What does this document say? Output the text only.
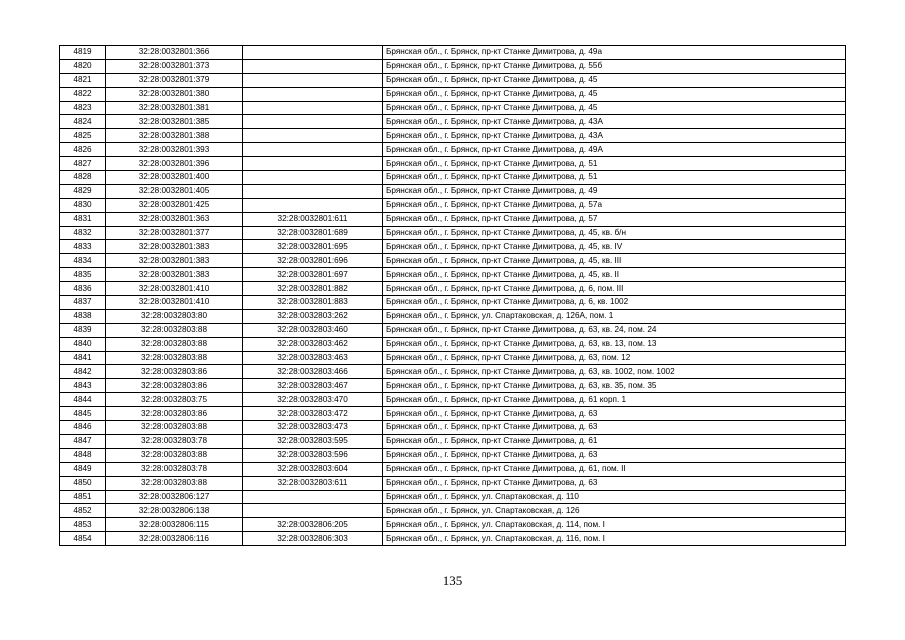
4819	32:28:0032801:366		Брянская обл., г. Брянск, пр-кт Станке Димитрова, д. 49а
4820	32:28:0032801:373		Брянская обл., г. Брянск, пр-кт Станке Димитрова, д. 55б
4821	32:28:0032801:379		Брянская обл., г. Брянск, пр-кт Станке Димитрова, д. 45
4822	32:28:0032801:380		Брянская обл., г. Брянск, пр-кт Станке Димитрова, д. 45
4823	32:28:0032801:381		Брянская обл., г. Брянск, пр-кт Станке Димитрова, д. 45
4824	32:28:0032801:385		Брянская обл., г. Брянск, пр-кт Станке Димитрова, д. 43А
4825	32:28:0032801:388		Брянская обл., г. Брянск, пр-кт Станке Димитрова, д. 43А
4826	32:28:0032801:393		Брянская обл., г. Брянск, пр-кт Станке Димитрова, д. 49А
4827	32:28:0032801:396		Брянская обл., г. Брянск, пр-кт Станке Димитрова, д. 51
4828	32:28:0032801:400		Брянская обл., г. Брянск, пр-кт Станке Димитрова, д. 51
4829	32:28:0032801:405		Брянская обл., г. Брянск, пр-кт Станке Димитрова, д. 49
4830	32:28:0032801:425		Брянская обл., г. Брянск, пр-кт Станке Димитрова, д. 57а
4831	32:28:0032801:363	32:28:0032801:611	Брянская обл., г. Брянск, пр-кт Станке Димитрова, д. 57
4832	32:28:0032801:377	32:28:0032801:689	Брянская обл., г. Брянск, пр-кт Станке Димитрова, д. 45, кв. б/н
4833	32:28:0032801:383	32:28:0032801:695	Брянская обл., г. Брянск, пр-кт Станке Димитрова, д. 45, кв. IV
4834	32:28:0032801:383	32:28:0032801:696	Брянская обл., г. Брянск, пр-кт Станке Димитрова, д. 45, кв. III
4835	32:28:0032801:383	32:28:0032801:697	Брянская обл., г. Брянск, пр-кт Станке Димитрова, д. 45, кв. II
4836	32:28:0032801:410	32:28:0032801:882	Брянская обл., г. Брянск, пр-кт Станке Димитрова, д. 6, пом. III
4837	32:28:0032801:410	32:28:0032801:883	Брянская обл., г. Брянск, пр-кт Станке Димитрова, д. 6, кв. 1002
4838	32:28:0032803:80	32:28:0032803:262	Брянская обл., г. Брянск, ул. Спартаковская, д. 126А, пом. 1
4839	32:28:0032803:88	32:28:0032803:460	Брянская обл., г. Брянск, пр-кт Станке Димитрова, д. 63, кв. 24, пом. 24
4840	32:28:0032803:88	32:28:0032803:462	Брянская обл., г. Брянск, пр-кт Станке Димитрова, д. 63, кв. 13, пом. 13
4841	32:28:0032803:88	32:28:0032803:463	Брянская обл., г. Брянск, пр-кт Станке Димитрова, д. 63, пом. 12
4842	32:28:0032803:86	32:28:0032803:466	Брянская обл., г. Брянск, пр-кт Станке Димитрова, д. 63, кв. 1002, пом. 1002
4843	32:28:0032803:86	32:28:0032803:467	Брянская обл., г. Брянск, пр-кт Станке Димитрова, д. 63, кв. 35, пом. 35
4844	32:28:0032803:75	32:28:0032803:470	Брянская обл., г. Брянск, пр-кт Станке Димитрова, д. 61 корп. 1
4845	32:28:0032803:86	32:28:0032803:472	Брянская обл., г. Брянск, пр-кт Станке Димитрова, д. 63
4846	32:28:0032803:88	32:28:0032803:473	Брянская обл., г. Брянск, пр-кт Станке Димитрова, д. 63
4847	32:28:0032803:78	32:28:0032803:595	Брянская обл., г. Брянск, пр-кт Станке Димитрова, д. 61
4848	32:28:0032803:88	32:28:0032803:596	Брянская обл., г. Брянск, пр-кт Станке Димитрова, д. 63
4849	32:28:0032803:78	32:28:0032803:604	Брянская обл., г. Брянск, пр-кт Станке Димитрова, д. 61, пом. II
4850	32:28:0032803:88	32:28:0032803:611	Брянская обл., г. Брянск, пр-кт Станке Димитрова, д. 63
4851	32:28:0032806:127		Брянская обл., г. Брянск, ул. Спартаковская, д. 110
4852	32:28:0032806:138		Брянская обл., г. Брянск, ул. Спартаковская, д. 126
4853	32:28:0032806:115	32:28:0032806:205	Брянская обл., г. Брянск, ул. Спартаковская, д. 114, пом. I
4854	32:28:0032806:116	32:28:0032806:303	Брянская обл., г. Брянск, ул. Спартаковская, д. 116, пом. I
135
